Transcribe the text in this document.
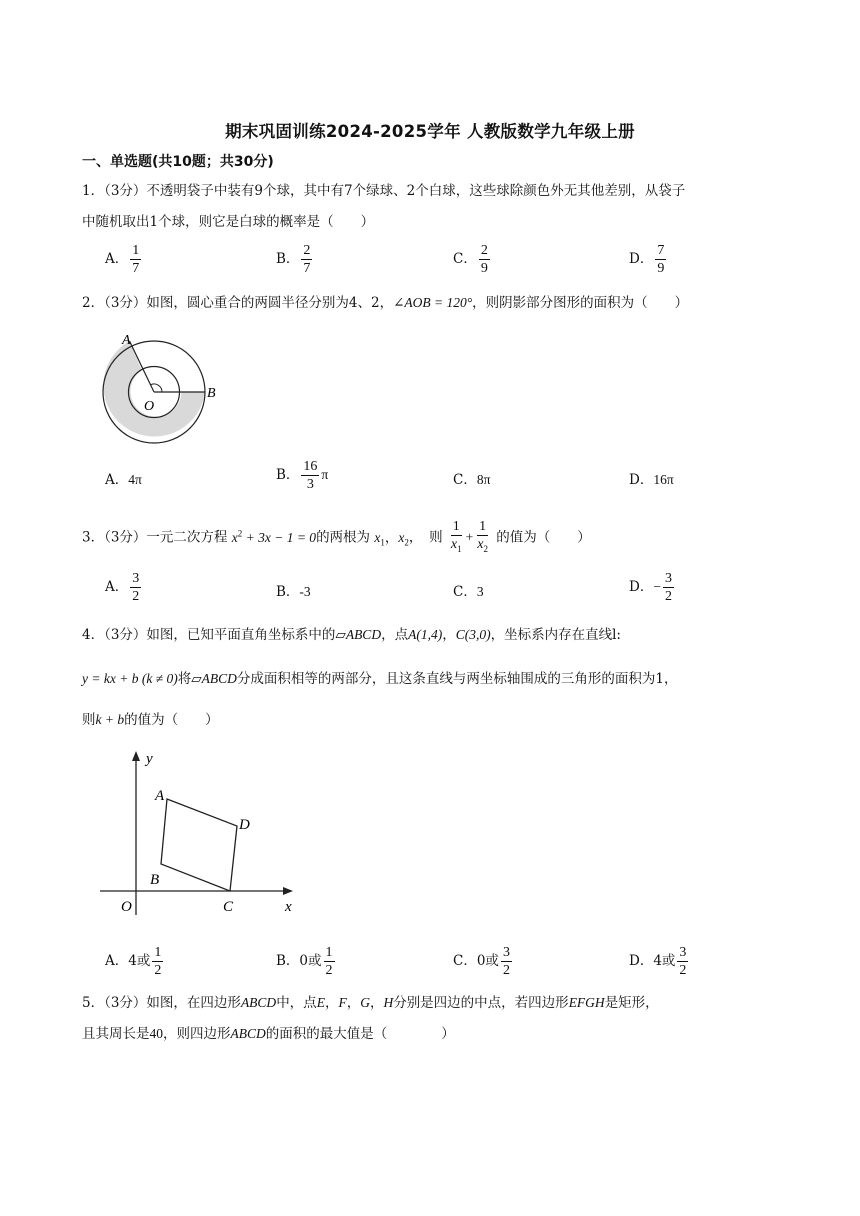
期末巩固训练2024-2025学年 人教版数学九年级上册
一、单选题(共10题；共30分)
1．（3分）不透明袋子中装有9个球，其中有7个绿球、2个白球，这些球除颜色外无其他差别，从袋子
中随机取出1个球，则它是白球的概率是（　　）
A． $\frac{1}{7}$	B． $\frac{2}{7}$	C． $\frac{2}{9}$	D． $\frac{7}{9}$
2．（3分）如图，圆心重合的两圆半径分别为4、2，∠AOB = 120°，则阴影部分图形的面积为（　　）
A
B
O
A．4π	B． $\frac{16}{3}$ π	C．8π	D．16π
3．（3分）一元二次方程 $x^2 + 3x - 1 = 0$的两根为 $x_1$，$x_2$，　则 $\frac{1}{x_1} + \frac{1}{x_2}$ 的值为（　　）
A． $\frac{3}{2}$	B．-3	C．3	D．− $\frac{3}{2}$
4．（3分）如图，已知平面直角坐标系中的▱ABCD，点A(1,4)，C(3,0)，坐标系内存在直线l:
y = kx + b (k ≠ 0)将▱ABCD分成面积相等的两部分，且这条直线与两坐标轴围成的三角形的面积为1，
则k + b的值为（　　）
y
x
A
B
C
D
O
A．4或 $\frac{1}{2}$	B．0或 $\frac{1}{2}$	C．0或 $\frac{3}{2}$	D．4或 $\frac{3}{2}$
5．（3分）如图，在四边形ABCD中，点E，F，G，H分别是四边的中点，若四边形EFGH是矩形，
且其周长是40，则四边形ABCD的面积的最大值是（　　　　）
